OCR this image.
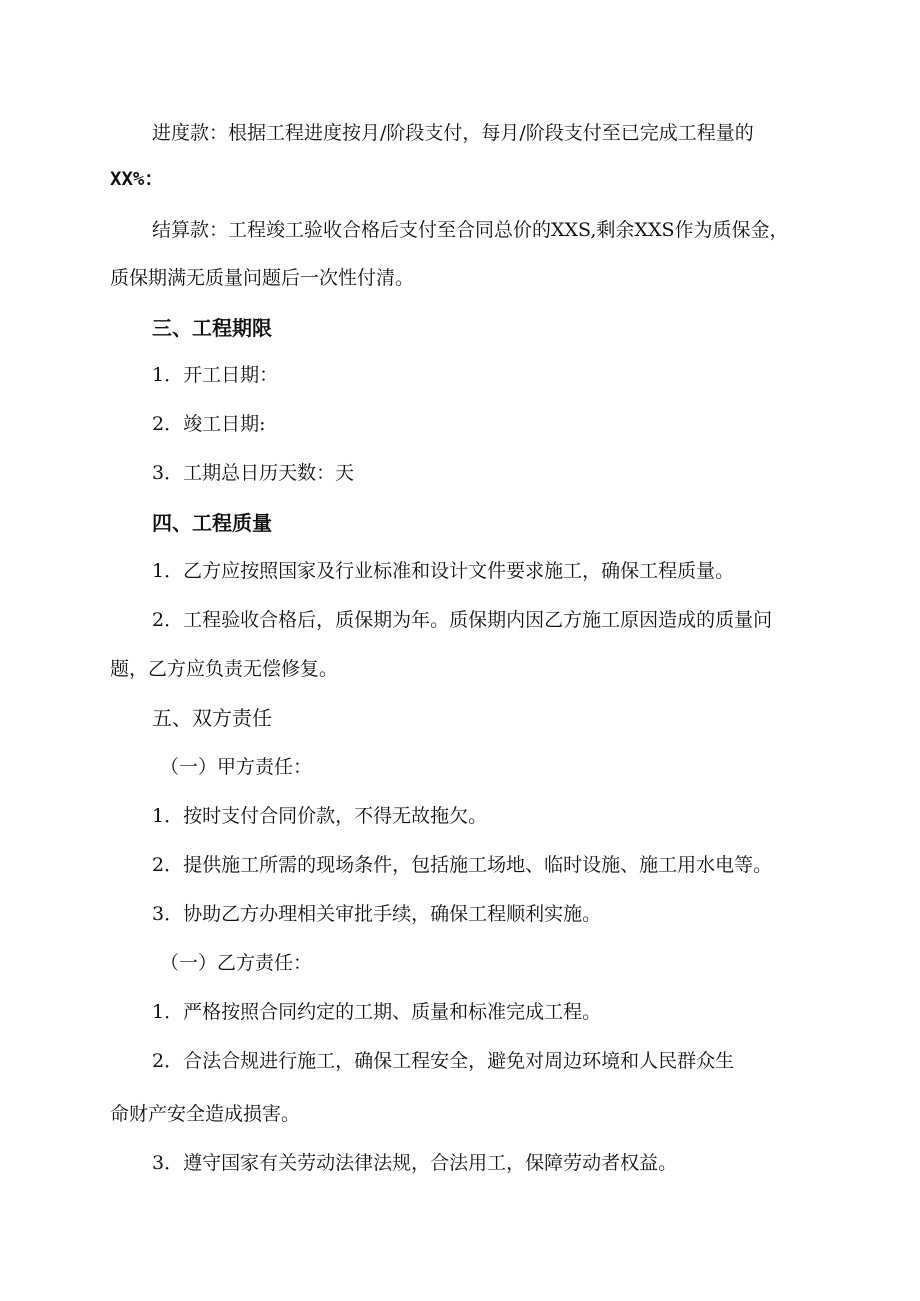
进度款：根据工程进度按月/阶段支付，每月/阶段支付至已完成工程量的

XX%：

结算款：工程竣工验收合格后支付至合同总价的XXS,剩余XXS作为质保金，

质保期满无质量问题后一次性付清。

三、工程期限

1．开工日期：

2．竣工日期:

3．工期总日历天数：天

四、工程质量

1．乙方应按照国家及行业标准和设计文件要求施工，确保工程质量。

2．工程验收合格后，质保期为年。质保期内因乙方施工原因造成的质量问

题，乙方应负责无偿修复。

五、双方责任

（一）甲方责任：

1．按时支付合同价款，不得无故拖欠。

2．提供施工所需的现场条件，包括施工场地、临时设施、施工用水电等。

3．协助乙方办理相关审批手续，确保工程顺利实施。

（一）乙方责任：

1．严格按照合同约定的工期、质量和标准完成工程。

2．合法合规进行施工，确保工程安全，避免对周边环境和人民群众生

命财产安全造成损害。

3．遵守国家有关劳动法律法规，合法用工，保障劳动者权益。
